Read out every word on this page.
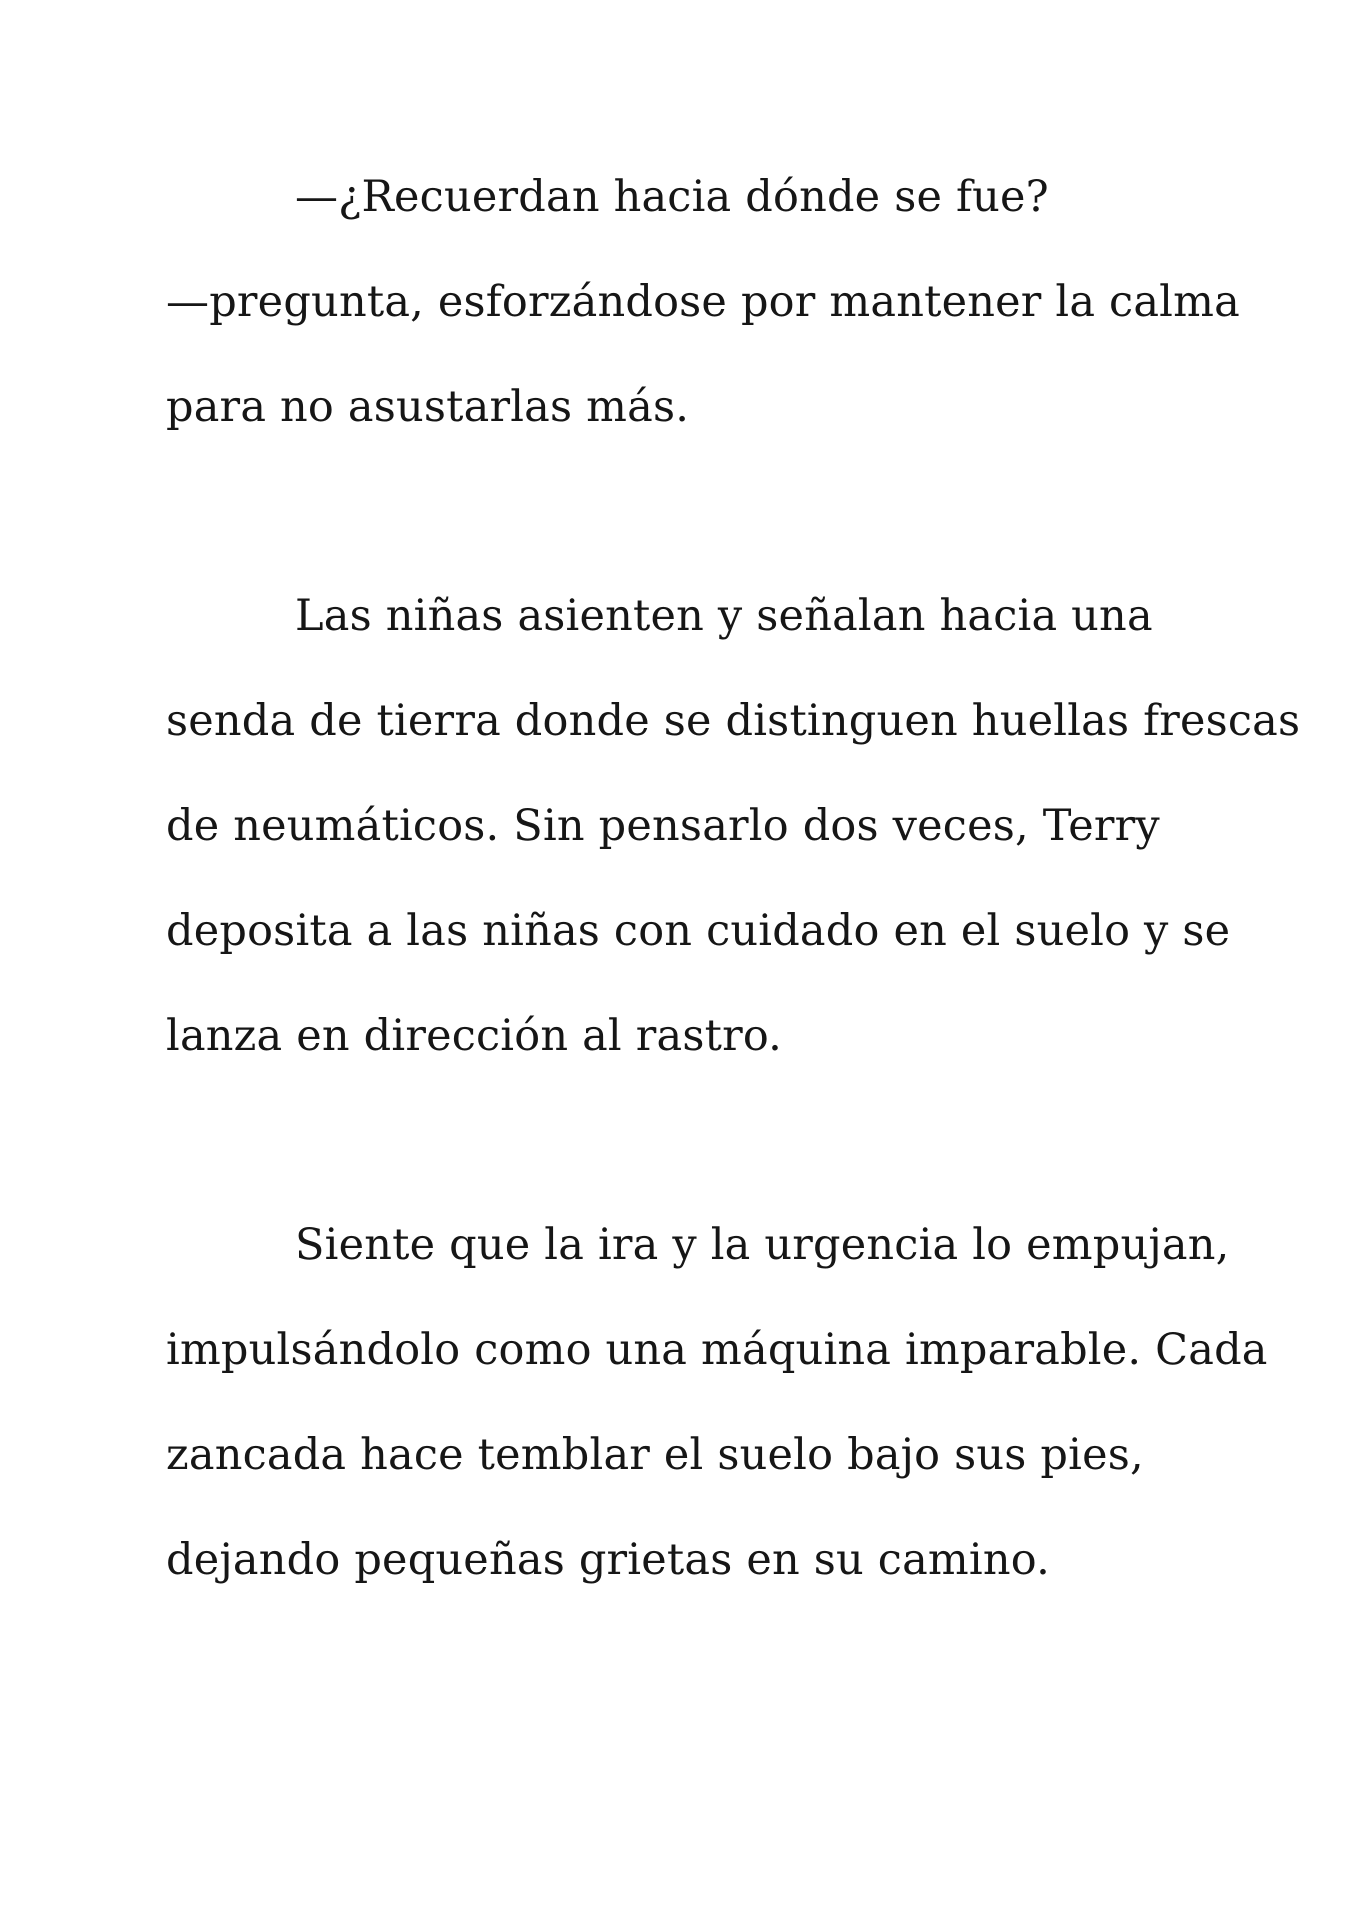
—¿Recuerdan hacia dónde se fue?
—pregunta, esforzándose por mantener la calma
para no asustarlas más.
Las niñas asienten y señalan hacia una
senda de tierra donde se distinguen huellas frescas
de neumáticos. Sin pensarlo dos veces, Terry
deposita a las niñas con cuidado en el suelo y se
lanza en dirección al rastro.
Siente que la ira y la urgencia lo empujan,
impulsándolo como una máquina imparable. Cada
zancada hace temblar el suelo bajo sus pies,
dejando pequeñas grietas en su camino.
